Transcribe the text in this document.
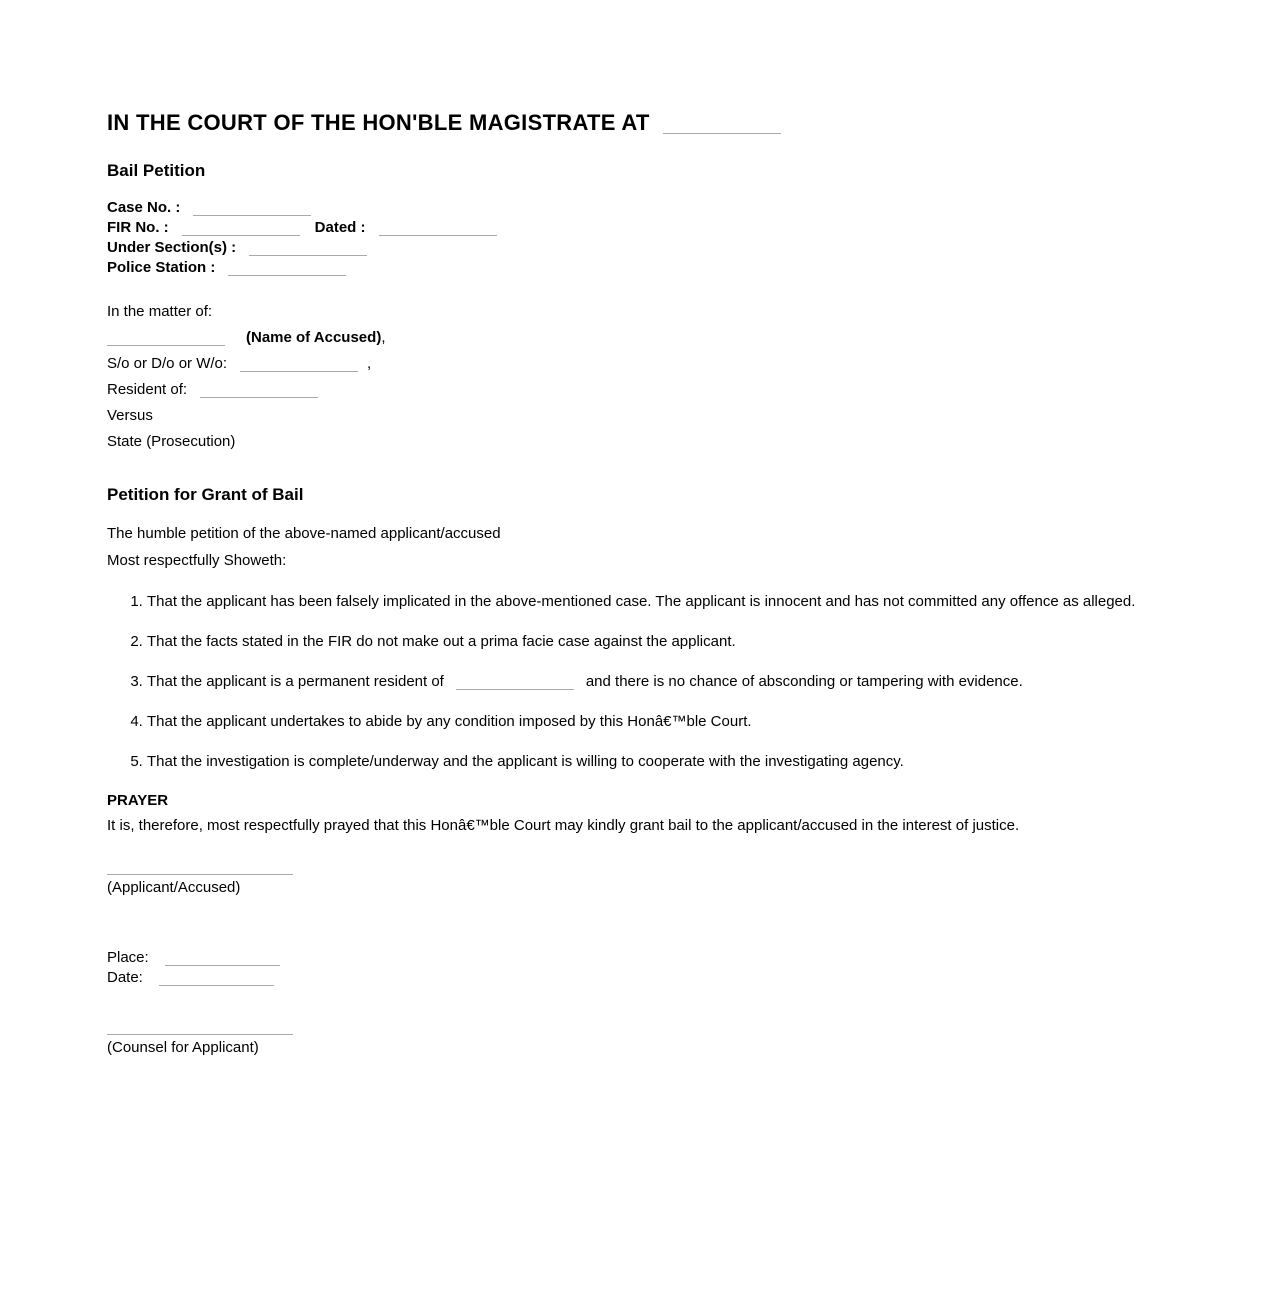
IN THE COURT OF THE HON'BLE MAGISTRATE AT
Bail Petition
Case No. :
FIR No. :	Dated :
Under Section(s) :
Police Station :

In the matter of:

(Name of Accused),

S/o or D/o or W/o:	,

Resident of:

Versus

State (Prosecution)

Petition for Grant of Bail

The humble petition of the above-named applicant/accused

Most respectfully Showeth:

1. That the applicant has been falsely implicated in the above-mentioned case. The applicant is innocent and has not committed any offence as alleged.
2. That the facts stated in the FIR do not make out a prima facie case against the applicant.
3. That the applicant is a permanent resident of	and there is no chance of absconding or tampering with evidence.
4. That the applicant undertakes to abide by any condition imposed by this Honâ€™ble Court.
5. That the investigation is complete/underway and the applicant is willing to cooperate with the investigating agency.

PRAYER

It is, therefore, most respectfully prayed that this Honâ€™ble Court may kindly grant bail to the applicant/accused in the interest of justice.

(Applicant/Accused)
Place:
Date:
(Counsel for Applicant)
